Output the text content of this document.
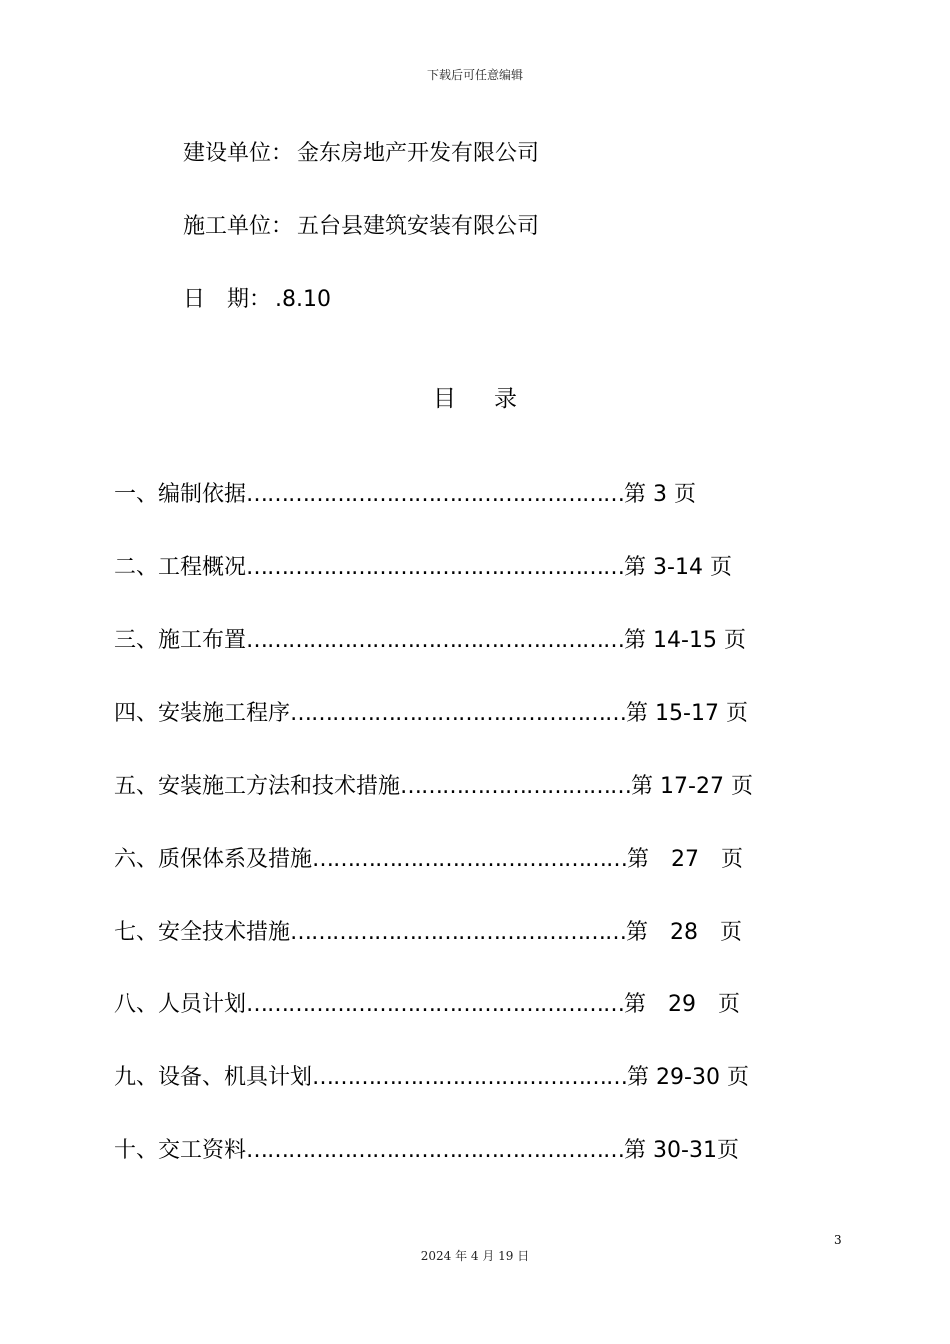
下载后可任意编辑
建设单位： 金东房地产开发有限公司
施工单位： 五台县建筑安装有限公司
日　期： .8.10
目录
一、编制依据………………………………………………第 3 页
二、工程概况………………………………………………第 3-14 页
三、施工布置………………………………………………第 14-15 页
四、安装施工程序…………………………………………第 15-17 页
五、安装施工方法和技术措施……………………………第 17-27 页
六、质保体系及措施………………………………………第　27　页
七、安全技术措施…………………………………………第　28　页
八、人员计划………………………………………………第　29　页
九、设备、机具计划………………………………………第 29-30 页
十、交工资料………………………………………………第 30-31页
3
2024 年 4 月 19 日
